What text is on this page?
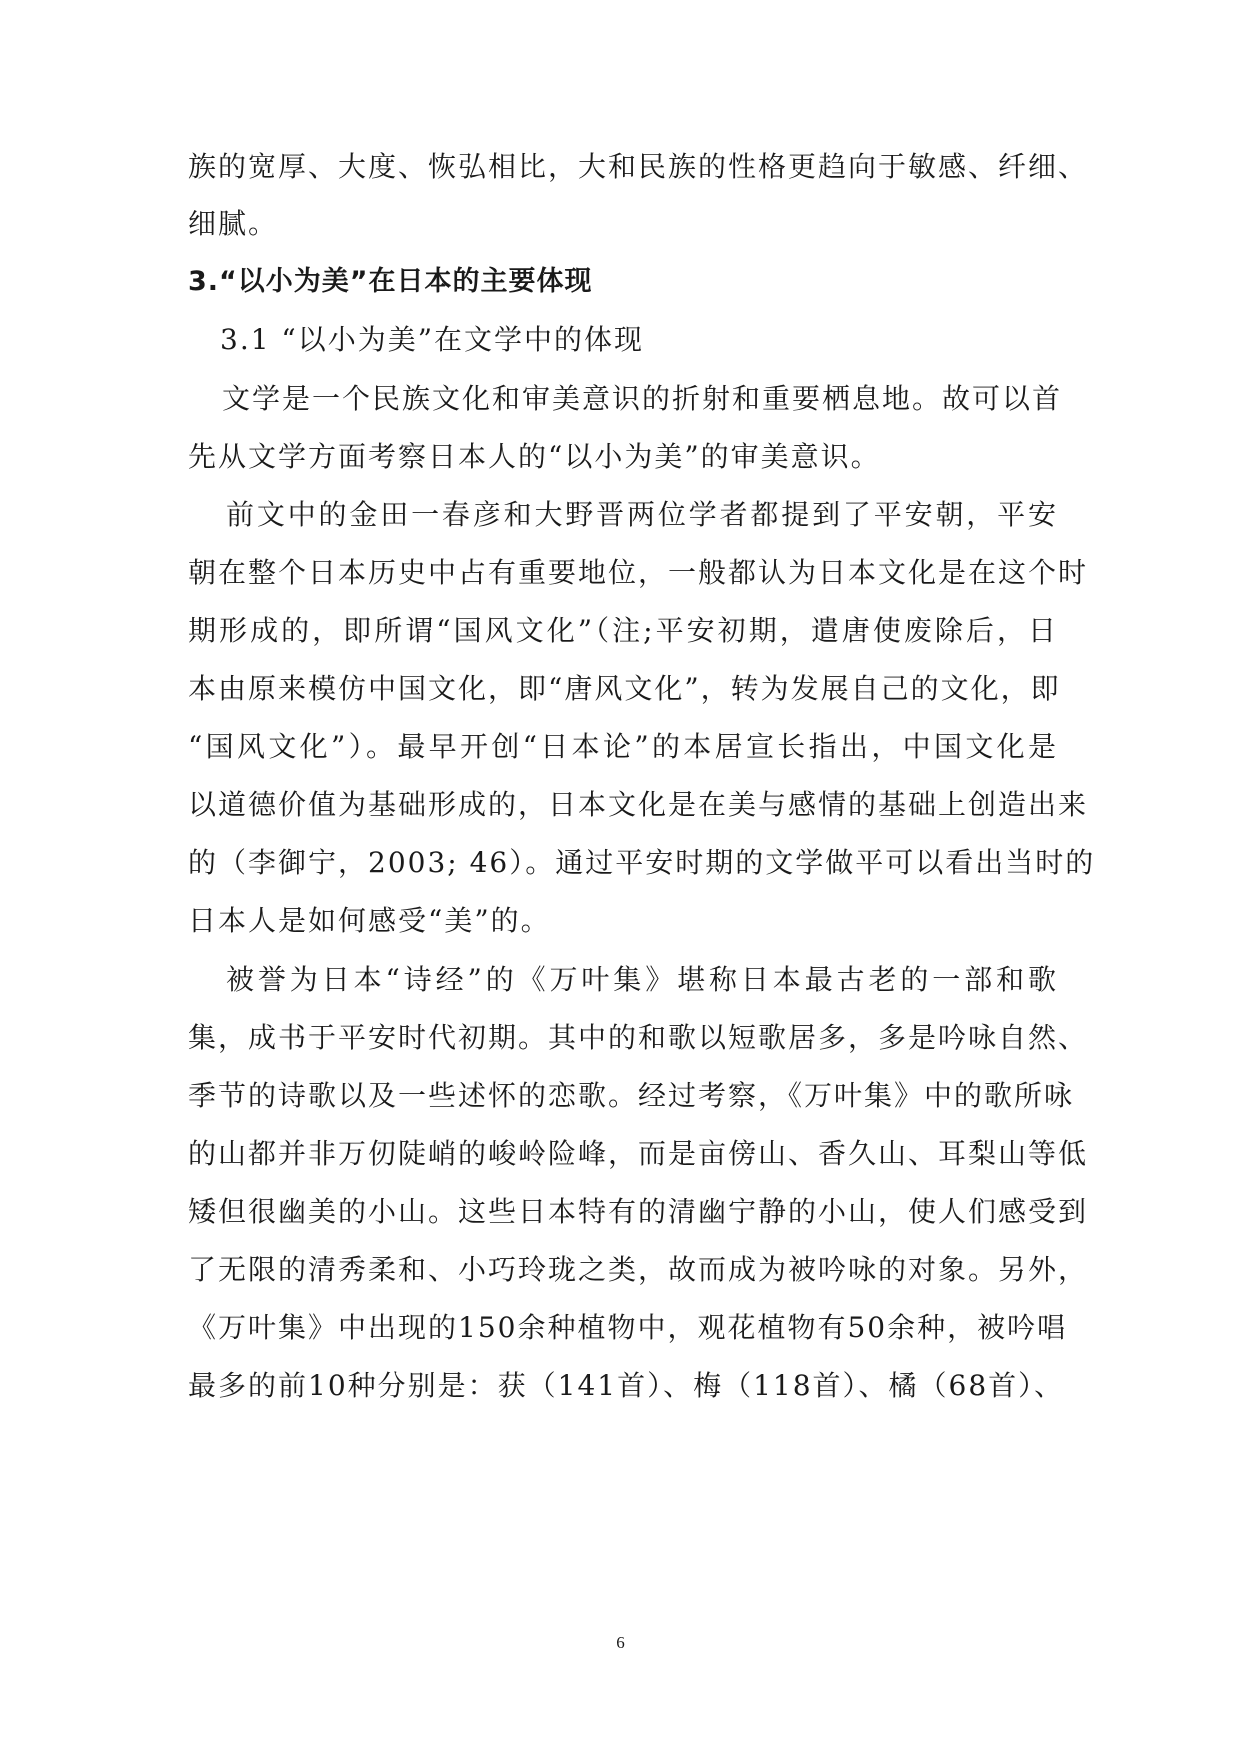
族的宽厚、大度、恢弘相比，大和民族的性格更趋向于敏感、纤细、
细腻。
3.“以小为美”在日本的主要体现
3.1 “以小为美”在文学中的体现
文学是一个民族文化和审美意识的折射和重要栖息地。故可以首
先从文学方面考察日本人的“以小为美”的审美意识。
前文中的金田一春彦和大野晋两位学者都提到了平安朝，平安
朝在整个日本历史中占有重要地位，一般都认为日本文化是在这个时
期形成的，即所谓“国风文化”（注;平安初期，遣唐使废除后，日
本由原来模仿中国文化，即“唐风文化”，转为发展自己的文化，即
“国风文化”）。最早开创“日本论”的本居宣长指出，中国文化是
以道德价值为基础形成的，日本文化是在美与感情的基础上创造出来
的（李御宁，2003; 46）。通过平安时期的文学做平可以看出当时的
日本人是如何感受“美”的。
被誉为日本“诗经”的《万叶集》堪称日本最古老的一部和歌
集，成书于平安时代初期。其中的和歌以短歌居多，多是吟咏自然、
季节的诗歌以及一些述怀的恋歌。经过考察，《万叶集》中的歌所咏
的山都并非万仞陡峭的峻岭险峰，而是亩傍山、香久山、耳梨山等低
矮但很幽美的小山。这些日本特有的清幽宁静的小山，使人们感受到
了无限的清秀柔和、小巧玲珑之类，故而成为被吟咏的对象。另外，
《万叶集》中出现的150余种植物中，观花植物有50余种，被吟唱
最多的前10种分别是：获（141首）、梅（118首）、橘（68首）、
6
